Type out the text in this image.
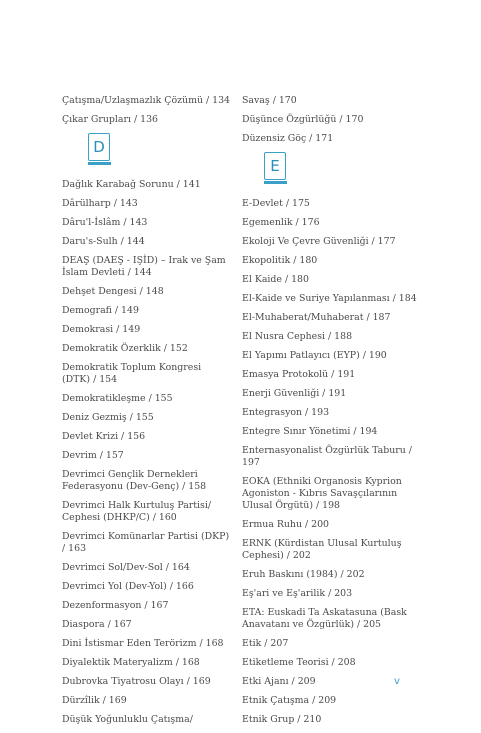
Çatışma/Uzlaşmazlık Çözümü / 134

Çıkar Grupları / 136

D

Dağlık Karabağ Sorunu / 141

Dârülharp / 143

Dâru'l-İslâm / 143

Daru's-Sulh / 144

DEAŞ (DAEŞ - IŞİD) – Irak ve Şam İslam Devleti / 144

Dehşet Dengesi / 148

Demografi / 149

Demokrasi / 149

Demokratik Özerklik / 152

Demokratik Toplum Kongresi (DTK) / 154

Demokratikleşme / 155

Deniz Gezmiş / 155

Devlet Krizi / 156

Devrim / 157

Devrimci Gençlik Dernekleri Federasyonu (Dev-Genç) / 158

Devrimci Halk Kurtuluş Partisi/ Cephesi (DHKP/C) / 160

Devrimci Komünarlar Partisi (DKP) / 163

Devrimci Sol/Dev-Sol / 164

Devrimci Yol (Dev-Yol) / 166

Dezenformasyon / 167

Diaspora / 167

Dini İstismar Eden Terörizm / 168

Diyalektik Materyalizm / 168

Dubrovka Tiyatrosu Olayı / 169

Dürzîlik / 169

Düşük Yoğunluklu Çatışma/

Savaş / 170

Düşünce Özgürlüğü / 170

Düzensiz Göç / 171

E

E-Devlet / 175

Egemenlik / 176

Ekoloji Ve Çevre Güvenliği / 177

Ekopolitik / 180

El Kaide / 180

El-Kaide ve Suriye Yapılanması / 184

El-Muhaberat/Muhaberat / 187

El Nusra Cephesi / 188

El Yapımı Patlayıcı (EYP) / 190

Emasya Protokolü / 191

Enerji Güvenliği / 191

Entegrasyon / 193

Entegre Sınır Yönetimi / 194

Enternasyonalist Özgürlük Taburu / 197

EOKA (Ethniki Organosis Kyprion Agoniston - Kıbrıs Savaşçılarının Ulusal Örgütü) / 198

Ermua Ruhu / 200

ERNK (Kürdistan Ulusal Kurtuluş Cephesi) / 202

Eruh Baskını (1984) / 202

Eş'ari ve Eş'arilik / 203

ETA: Euskadi Ta Askatasuna (Bask Anavatanı ve Özgürlük) / 205

Etik / 207

Etiketleme Teorisi / 208

Etki Ajanı / 209

Etnik Çatışma / 209

Etnik Grup / 210

v
